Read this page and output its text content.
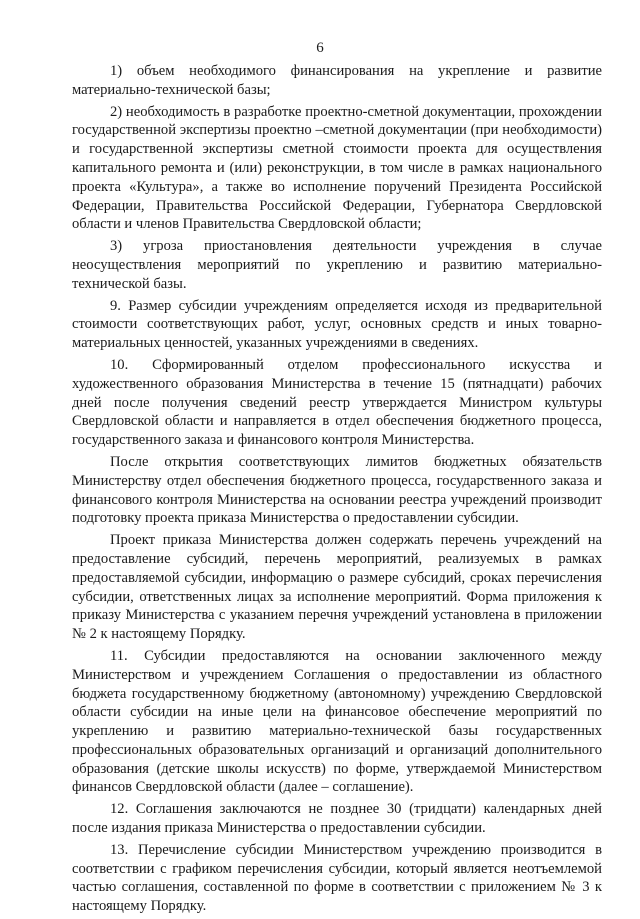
6

1) объем необходимого финансирования на укрепление и развитие материально-технической базы;

2) необходимость в разработке проектно-сметной документации, прохождении государственной экспертизы проектно –сметной документации (при необходимости) и государственной экспертизы сметной стоимости проекта для осуществления капитального ремонта и (или) реконструкции, в том числе в рамках национального проекта «Культура», а также во исполнение поручений Президента Российской Федерации, Правительства Российской Федерации, Губернатора Свердловской области и членов Правительства Свердловской области;

3) угроза приостановления деятельности учреждения в случае неосуществления мероприятий по укреплению и развитию материально-технической базы.

9. Размер субсидии учреждениям определяется исходя из предварительной стоимости соответствующих работ, услуг, основных средств и иных товарно-материальных ценностей, указанных учреждениями в сведениях.

10. Сформированный отделом профессионального искусства и художественного образования Министерства в течение 15 (пятнадцати) рабочих дней после получения сведений реестр утверждается Министром культуры Свердловской области и направляется в отдел обеспечения бюджетного процесса, государственного заказа и финансового контроля Министерства.

После открытия соответствующих лимитов бюджетных обязательств Министерству отдел обеспечения бюджетного процесса, государственного заказа и финансового контроля Министерства на основании реестра учреждений производит подготовку проекта приказа Министерства о предоставлении субсидии.

Проект приказа Министерства должен содержать перечень учреждений на предоставление субсидий, перечень мероприятий, реализуемых в рамках предоставляемой субсидии, информацию о размере субсидий, сроках перечисления субсидии, ответственных лицах за исполнение мероприятий. Форма приложения к приказу Министерства с указанием перечня учреждений установлена в приложении № 2 к настоящему Порядку.

11. Субсидии предоставляются на основании заключенного между Министерством и учреждением Соглашения о предоставлении из областного бюджета государственному бюджетному (автономному) учреждению Свердловской области субсидии на иные цели на финансовое обеспечение мероприятий по укреплению и развитию материально-технической базы государственных профессиональных образовательных организаций и организаций дополнительного образования (детские школы искусств) по форме, утверждаемой Министерством финансов Свердловской области (далее – соглашение).

12. Соглашения заключаются не позднее 30 (тридцати) календарных дней после издания приказа Министерства о предоставлении субсидии.

13. Перечисление субсидии Министерством учреждению производится в соответствии с графиком перечисления субсидии, который является неотъемлемой частью соглашения, составленной по форме в соответствии с приложением № 3 к настоящему Порядку.
